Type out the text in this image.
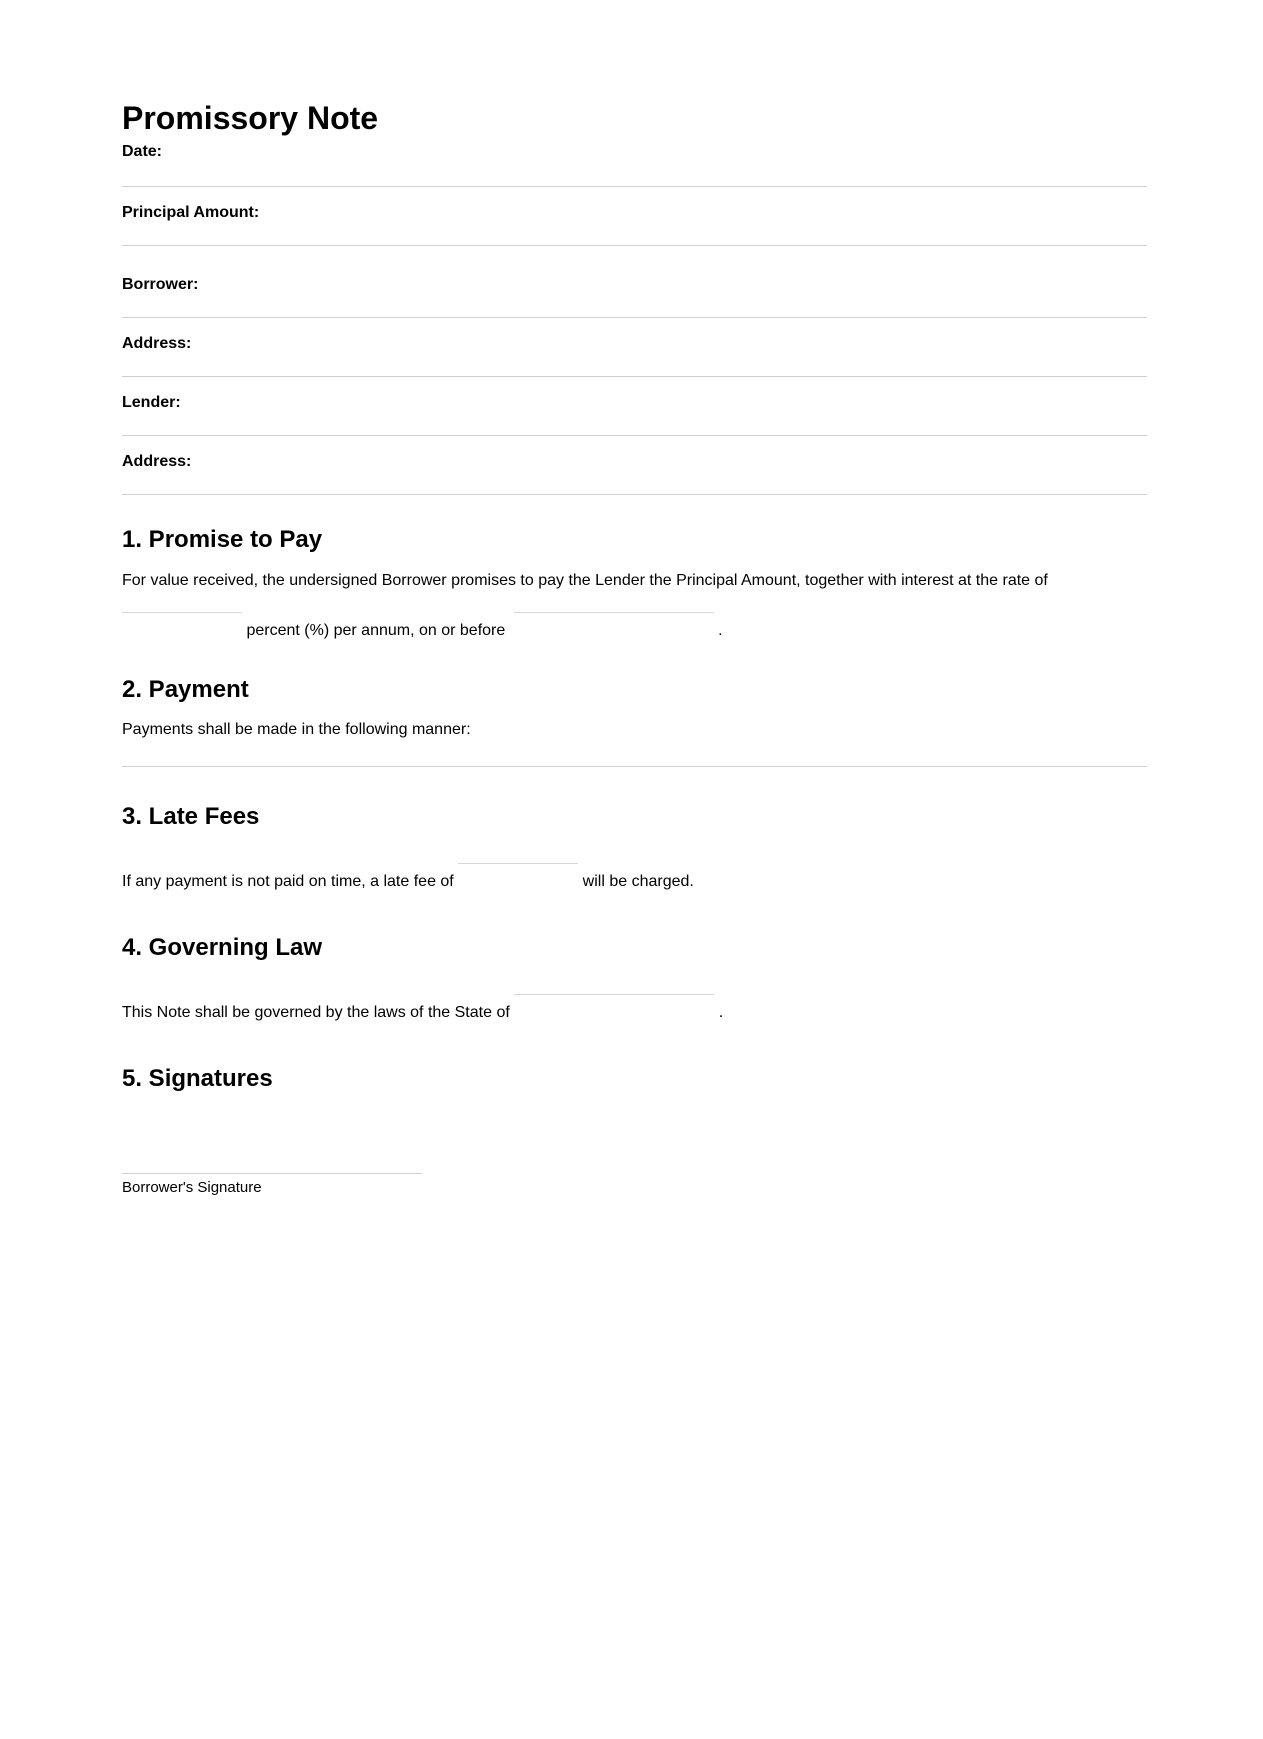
Promissory Note
Date:
Principal Amount:
Borrower:
Address:
Lender:
Address:
1. Promise to Pay
For value received, the undersigned Borrower promises to pay the Lender the Principal Amount, together with interest at the rate of
percent (%) per annum, on or before	.
2. Payment
Payments shall be made in the following manner:
3. Late Fees
If any payment is not paid on time, a late fee of	will be charged.
4. Governing Law
This Note shall be governed by the laws of the State of	.
5. Signatures
Borrower's Signature
